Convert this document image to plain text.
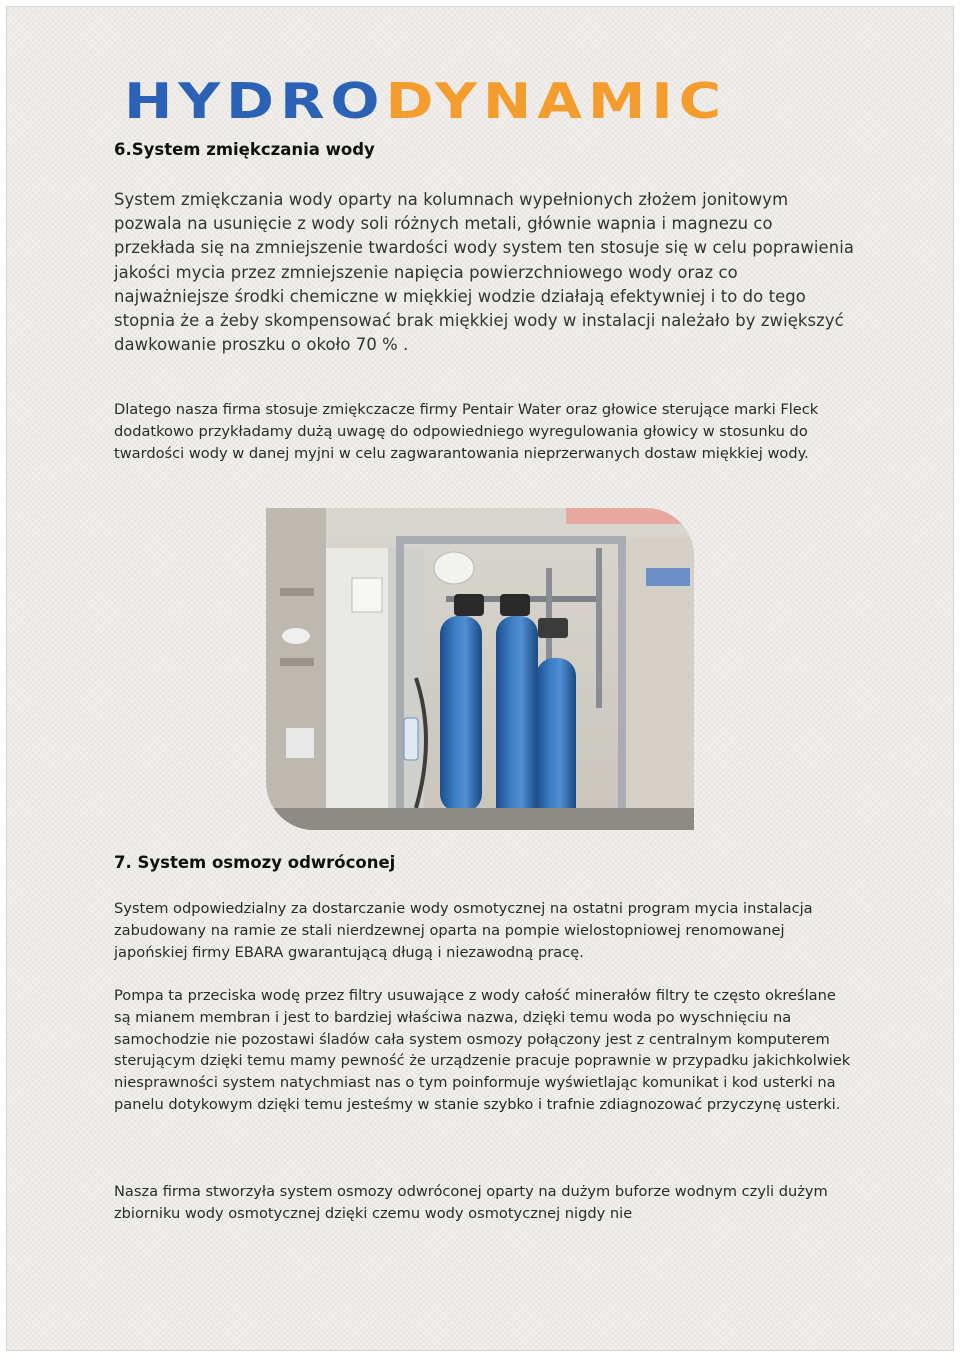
HYDRODYNAMIC
6.System zmiękczania wody

System zmiękczania wody oparty na kolumnach wypełnionych złożem jonitowym pozwala na usunięcie z wody soli różnych metali, głównie wapnia i magnezu co przekłada się na zmniejszenie twardości wody system ten stosuje się w celu poprawienia jakości mycia przez zmniejszenie napięcia powierzchniowego wody oraz co najważniejsze środki chemiczne w miękkiej wodzie działają efektywniej i to do tego stopnia że a żeby skompensować brak miękkiej wody w instalacji należało by zwiększyć dawkowanie proszku o około 70 % .

Dlatego nasza firma stosuje zmiękczacze firmy Pentair Water oraz głowice sterujące marki Fleck dodatkowo przykładamy dużą uwagę do odpowiedniego wyregulowania głowicy w stosunku do twardości wody w danej myjni w celu zagwarantowania nieprzerwanych dostaw miękkiej wody.

7. System osmozy odwróconej

System odpowiedzialny za dostarczanie wody osmotycznej na ostatni program mycia instalacja zabudowany na ramie ze stali nierdzewnej oparta na pompie wielostopniowej renomowanej japońskiej firmy EBARA gwarantującą długą i niezawodną pracę.

Pompa ta przeciska wodę przez filtry usuwające z wody całość minerałów filtry te często określane są mianem membran i jest to bardziej właściwa nazwa, dzięki temu woda po wyschnięciu na samochodzie nie pozostawi śladów cała system osmozy połączony jest z centralnym komputerem sterującym dzięki temu mamy pewność że urządzenie pracuje poprawnie w przypadku jakichkolwiek niesprawności system natychmiast nas o tym poinformuje wyświetlając komunikat i kod usterki na panelu dotykowym dzięki temu jesteśmy w stanie szybko i trafnie zdiagnozować przyczynę usterki.

Nasza firma stworzyła system osmozy odwróconej oparty na dużym buforze wodnym czyli dużym zbiorniku wody osmotycznej dzięki czemu wody osmotycznej nigdy nie
